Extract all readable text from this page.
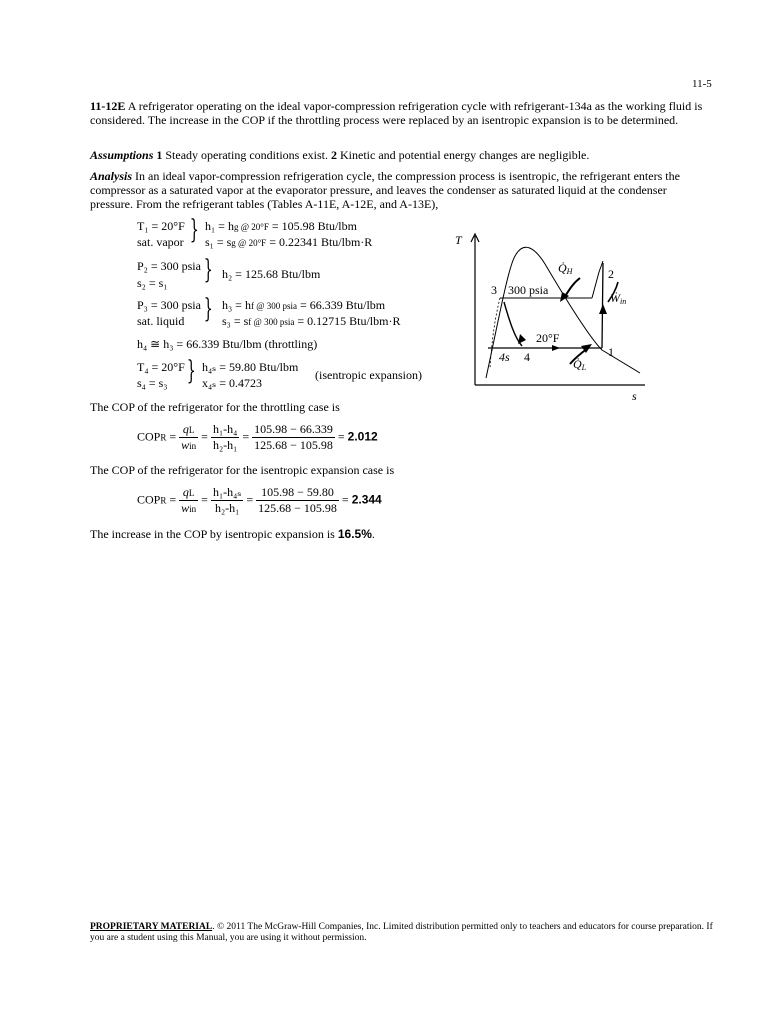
11-5
11-12E A refrigerator operating on the ideal vapor-compression refrigeration cycle with refrigerant-134a as the working fluid is considered. The increase in the COP if the throttling process were replaced by an isentropic expansion is to be determined.
Assumptions 1 Steady operating conditions exist. 2 Kinetic and potential energy changes are negligible.
Analysis In an ideal vapor-compression refrigeration cycle, the compression process is isentropic, the refrigerant enters the compressor as a saturated vapor at the evaporator pressure, and leaves the condenser as saturated liquid at the condenser pressure. From the refrigerant tables (Tables A-11E, A-12E, and A-13E),
T₁ = 20°F
sat. vapor } h₁ = hg @ 20°F = 105.98 Btu/lbm
s₁ = sg @ 20°F = 0.22341 Btu/lbm·R
P₂ = 300 psia
s₂ = s₁ } h₂ = 125.68 Btu/lbm
P₃ = 300 psia
sat. liquid } h₃ = hf @ 300 psia = 66.339 Btu/lbm
s₃ = sf @ 300 psia = 0.12715 Btu/lbm·R
h₄ ≅ h₃ = 66.339 Btu/lbm (throttling)
T₄ = 20°F
s₄ = s₃ } h₄ₛ = 59.80 Btu/lbm
x₄ₛ = 0.4723
(isentropic expansion)
The COP of the refrigerator for the throttling case is
COPR =
qL
win
= $\frac{\text{h₁-h₄}}{\text{h₂-h₁}} = \frac{105.98 - 66.339}{125.68 - 105.98} = 2.012$
The COP of the refrigerator for the isentropic expansion case is
COPR =
qL
win
= $\frac{\text{h₁-h₄ₛ}}{\text{h₂-h₁}} = \frac{105.98 - 59.80}{125.68 - 105.98} = 2.344$
The increase in the COP by isentropic expansion is 16.5%.
T
s
3 300 psia
2
1
4
4s
20°F
Q̇H
Q̇L
Ẇin
PROPRIETARY MATERIAL. © 2011 The McGraw-Hill Companies, Inc. Limited distribution permitted only to teachers and educators for course preparation. If you are a student using this Manual, you are using it without permission.
